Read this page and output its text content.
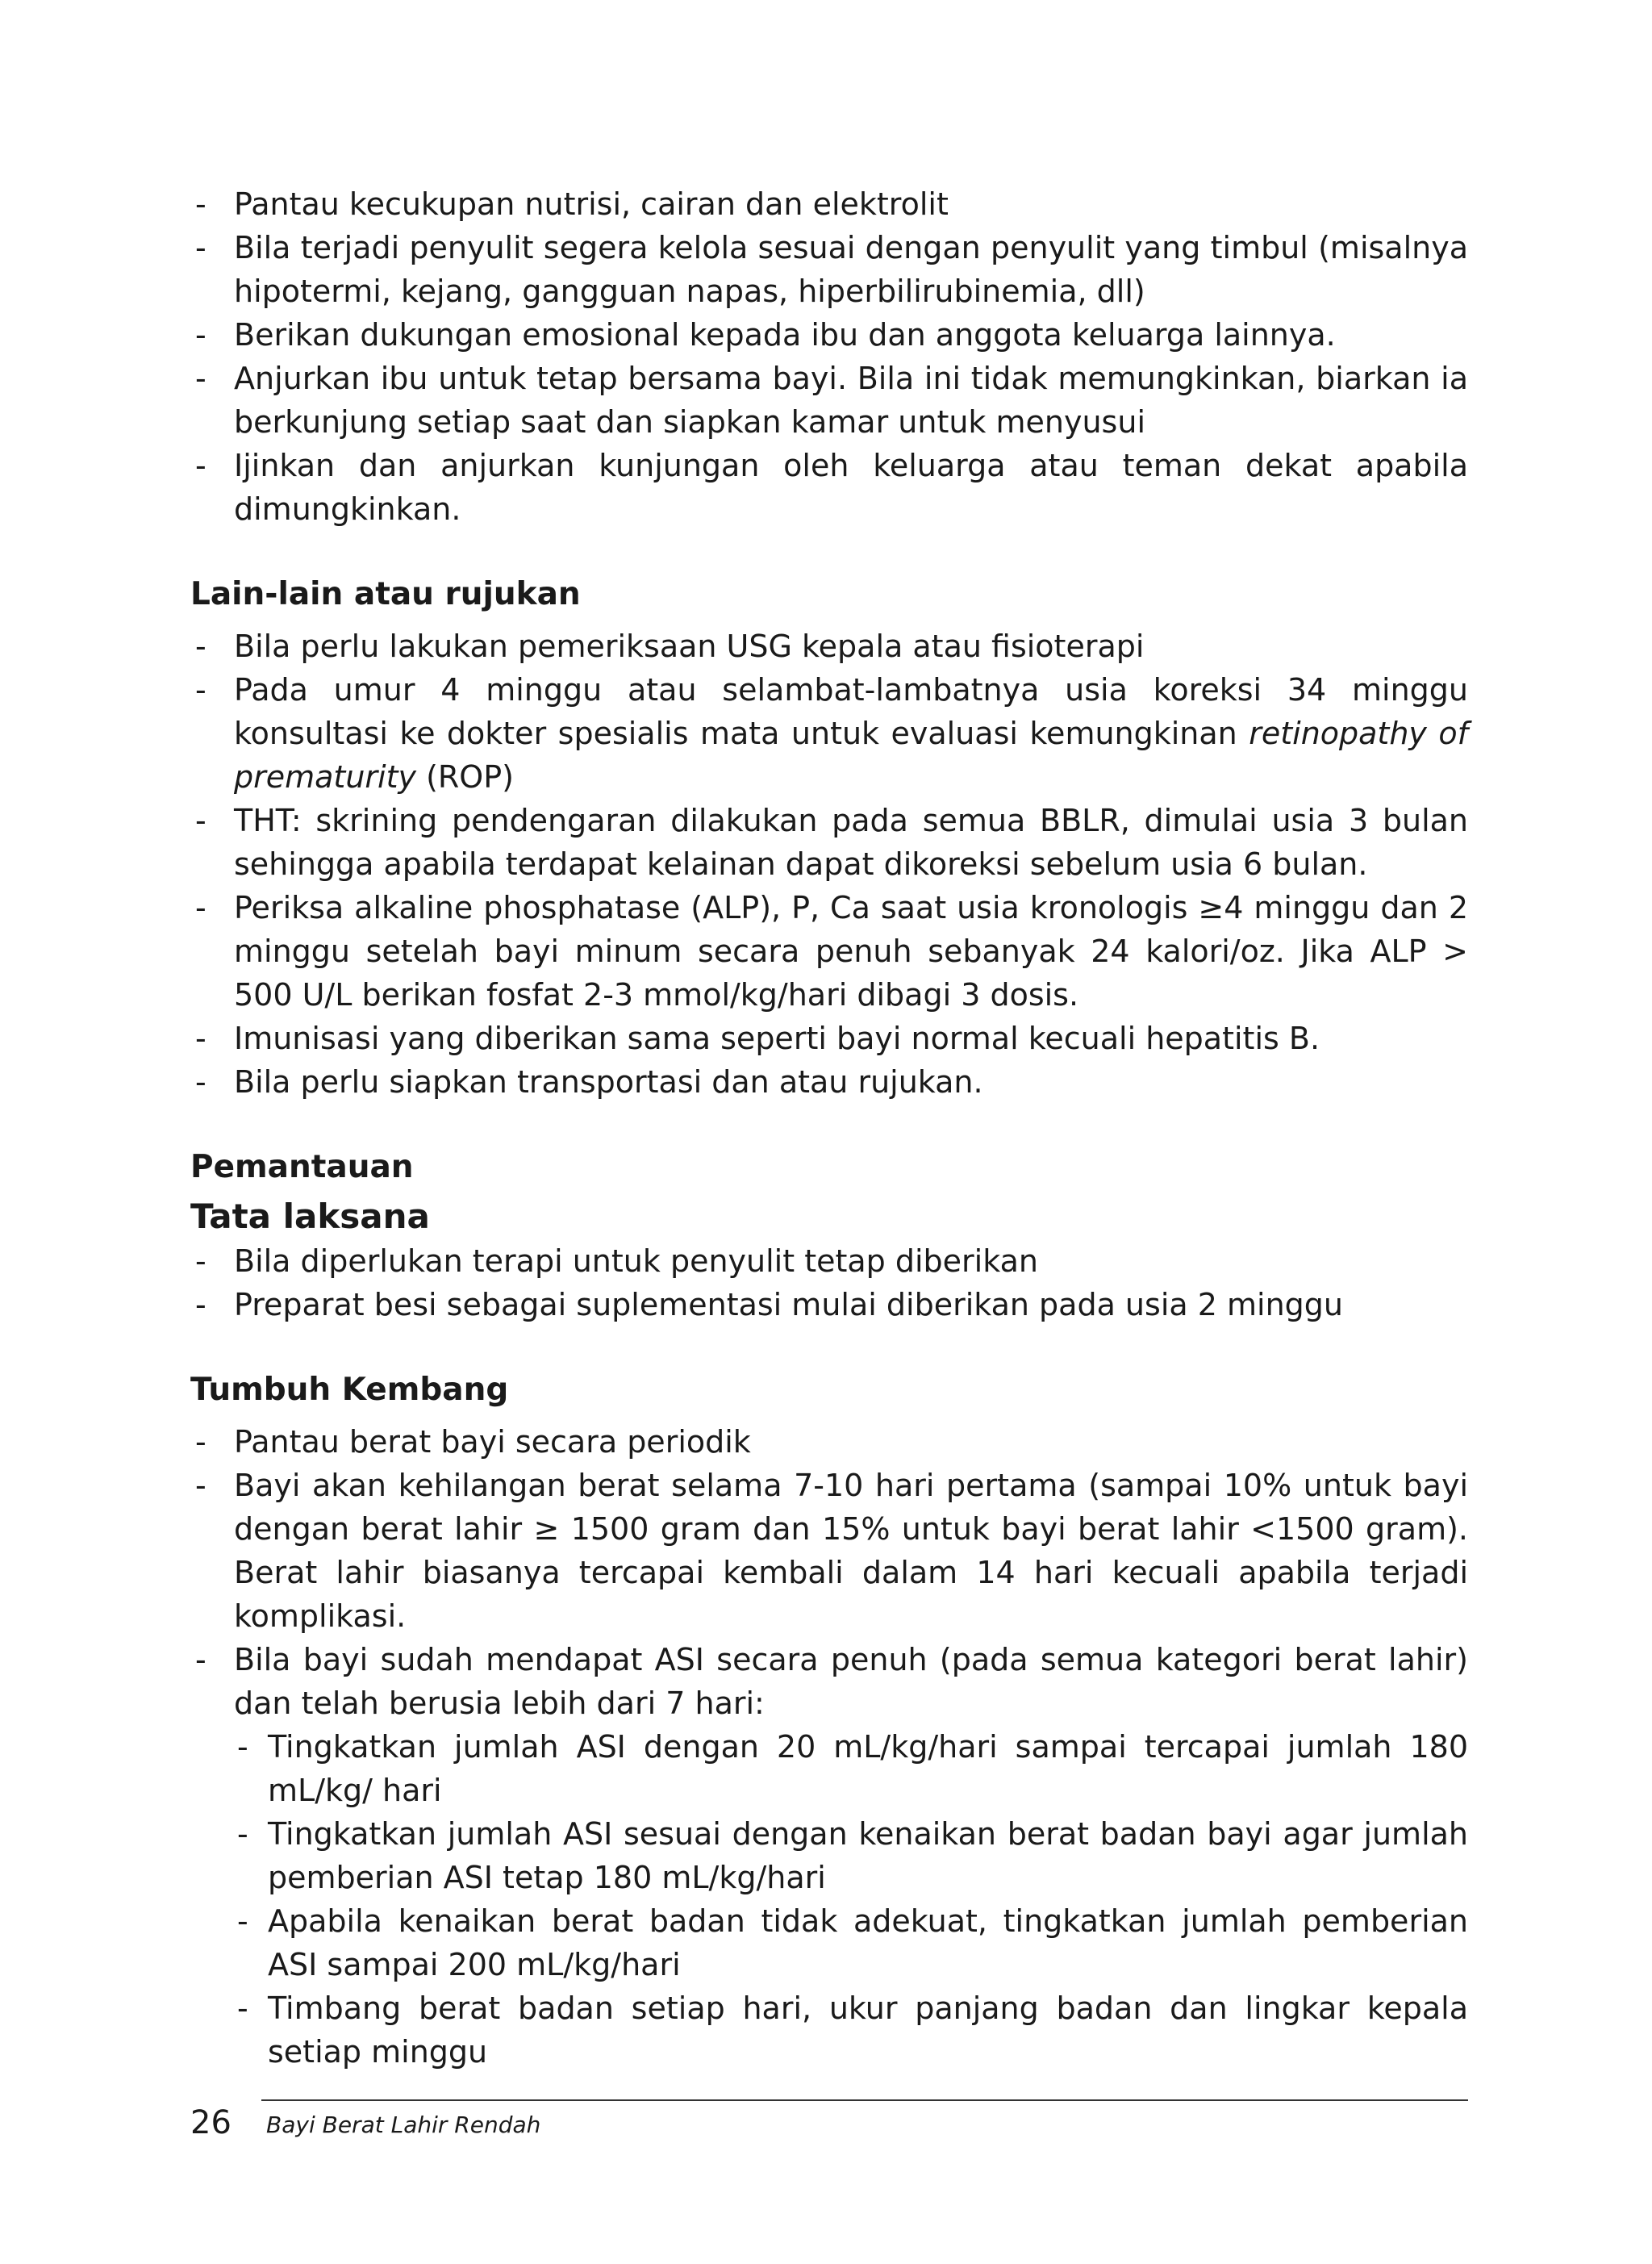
- Pantau kecukupan nutrisi, cairan dan elektrolit
- Bila terjadi penyulit segera kelola sesuai dengan penyulit yang timbul (misalnya hipotermi, kejang, gangguan napas, hiperbilirubinemia, dll)
- Berikan dukungan emosional kepada ibu dan anggota keluarga lainnya.
- Anjurkan ibu untuk tetap bersama bayi. Bila ini tidak memungkinkan, biarkan ia berkunjung setiap saat dan siapkan kamar untuk menyusui
- Ijinkan dan anjurkan kunjungan oleh keluarga atau teman dekat apabila dimungkinkan.
Lain-lain atau rujukan
- Bila perlu lakukan pemeriksaan USG kepala atau fisioterapi
- Pada umur 4 minggu atau selambat-lambatnya usia koreksi 34 minggu konsultasi ke dokter spesialis mata untuk evaluasi kemungkinan retinopathy of prematurity (ROP)
- THT: skrining pendengaran dilakukan pada semua BBLR, dimulai usia 3 bulan sehingga apabila terdapat kelainan dapat dikoreksi sebelum usia 6 bulan.
- Periksa alkaline phosphatase (ALP), P, Ca saat usia kronologis ≥4 minggu dan 2 minggu setelah bayi minum secara penuh sebanyak 24 kalori/oz. Jika ALP > 500 U/L berikan fosfat 2-3 mmol/kg/hari dibagi 3 dosis.
- Imunisasi yang diberikan sama seperti bayi normal kecuali hepatitis B.
- Bila perlu siapkan transportasi dan atau rujukan.
Pemantauan
Tata laksana
- Bila diperlukan terapi untuk penyulit tetap diberikan
- Preparat besi sebagai suplementasi mulai diberikan pada usia 2 minggu
Tumbuh Kembang
- Pantau berat bayi secara periodik
- Bayi akan kehilangan berat selama 7-10 hari pertama (sampai 10% untuk bayi dengan berat lahir ≥ 1500 gram dan 15% untuk bayi berat lahir <1500 gram). Berat lahir biasanya tercapai kembali dalam 14 hari kecuali apabila terjadi komplikasi.
- Bila bayi sudah mendapat ASI secara penuh (pada semua kategori berat lahir) dan telah berusia lebih dari 7 hari:
- Tingkatkan jumlah ASI dengan 20 mL/kg/hari sampai tercapai jumlah 180 mL/kg/ hari
- Tingkatkan jumlah ASI sesuai dengan kenaikan berat badan bayi agar jumlah pemberian ASI tetap 180 mL/kg/hari
- Apabila kenaikan berat badan tidak adekuat, tingkatkan jumlah pemberian ASI sampai 200 mL/kg/hari
- Timbang berat badan setiap hari, ukur panjang badan dan lingkar kepala setiap minggu
26 Bayi Berat Lahir Rendah
